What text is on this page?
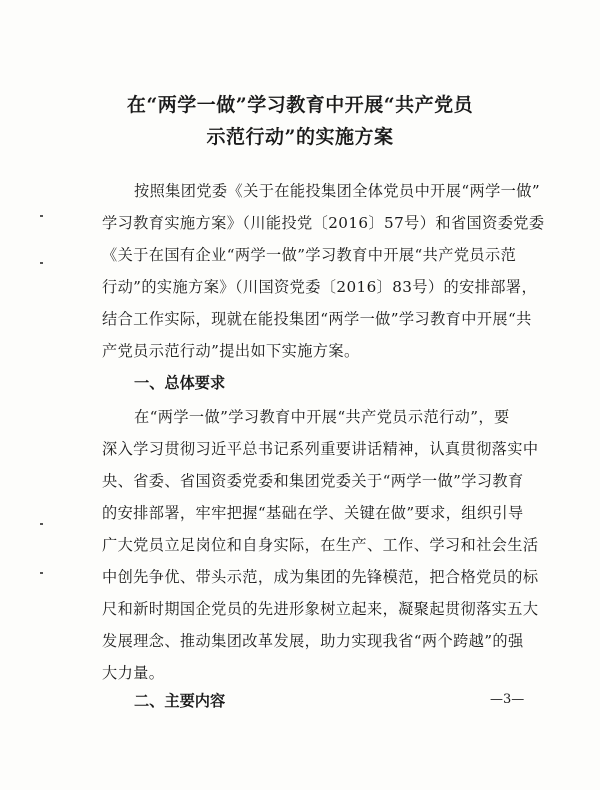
在“两学一做”学习教育中开展“共产党员
示范行动”的实施方案
按照集团党委《关于在能投集团全体党员中开展“两学一做”
学习教育实施方案》（川能投党〔2016〕57号）和省国资委党委
《关于在国有企业“两学一做”学习教育中开展“共产党员示范
行动”的实施方案》（川国资党委〔2016〕83号）的安排部署，
结合工作实际，现就在能投集团“两学一做”学习教育中开展“共
产党员示范行动”提出如下实施方案。
一、总体要求
在“两学一做”学习教育中开展“共产党员示范行动”，要
深入学习贯彻习近平总书记系列重要讲话精神，认真贯彻落实中
央、省委、省国资委党委和集团党委关于“两学一做”学习教育
的安排部署，牢牢把握“基础在学、关键在做”要求，组织引导
广大党员立足岗位和自身实际，在生产、工作、学习和社会生活
中创先争优、带头示范，成为集团的先锋模范，把合格党员的标
尺和新时期国企党员的先进形象树立起来，凝聚起贯彻落实五大
发展理念、推动集团改革发展，助力实现我省“两个跨越”的强
大力量。
二、主要内容	—3—
